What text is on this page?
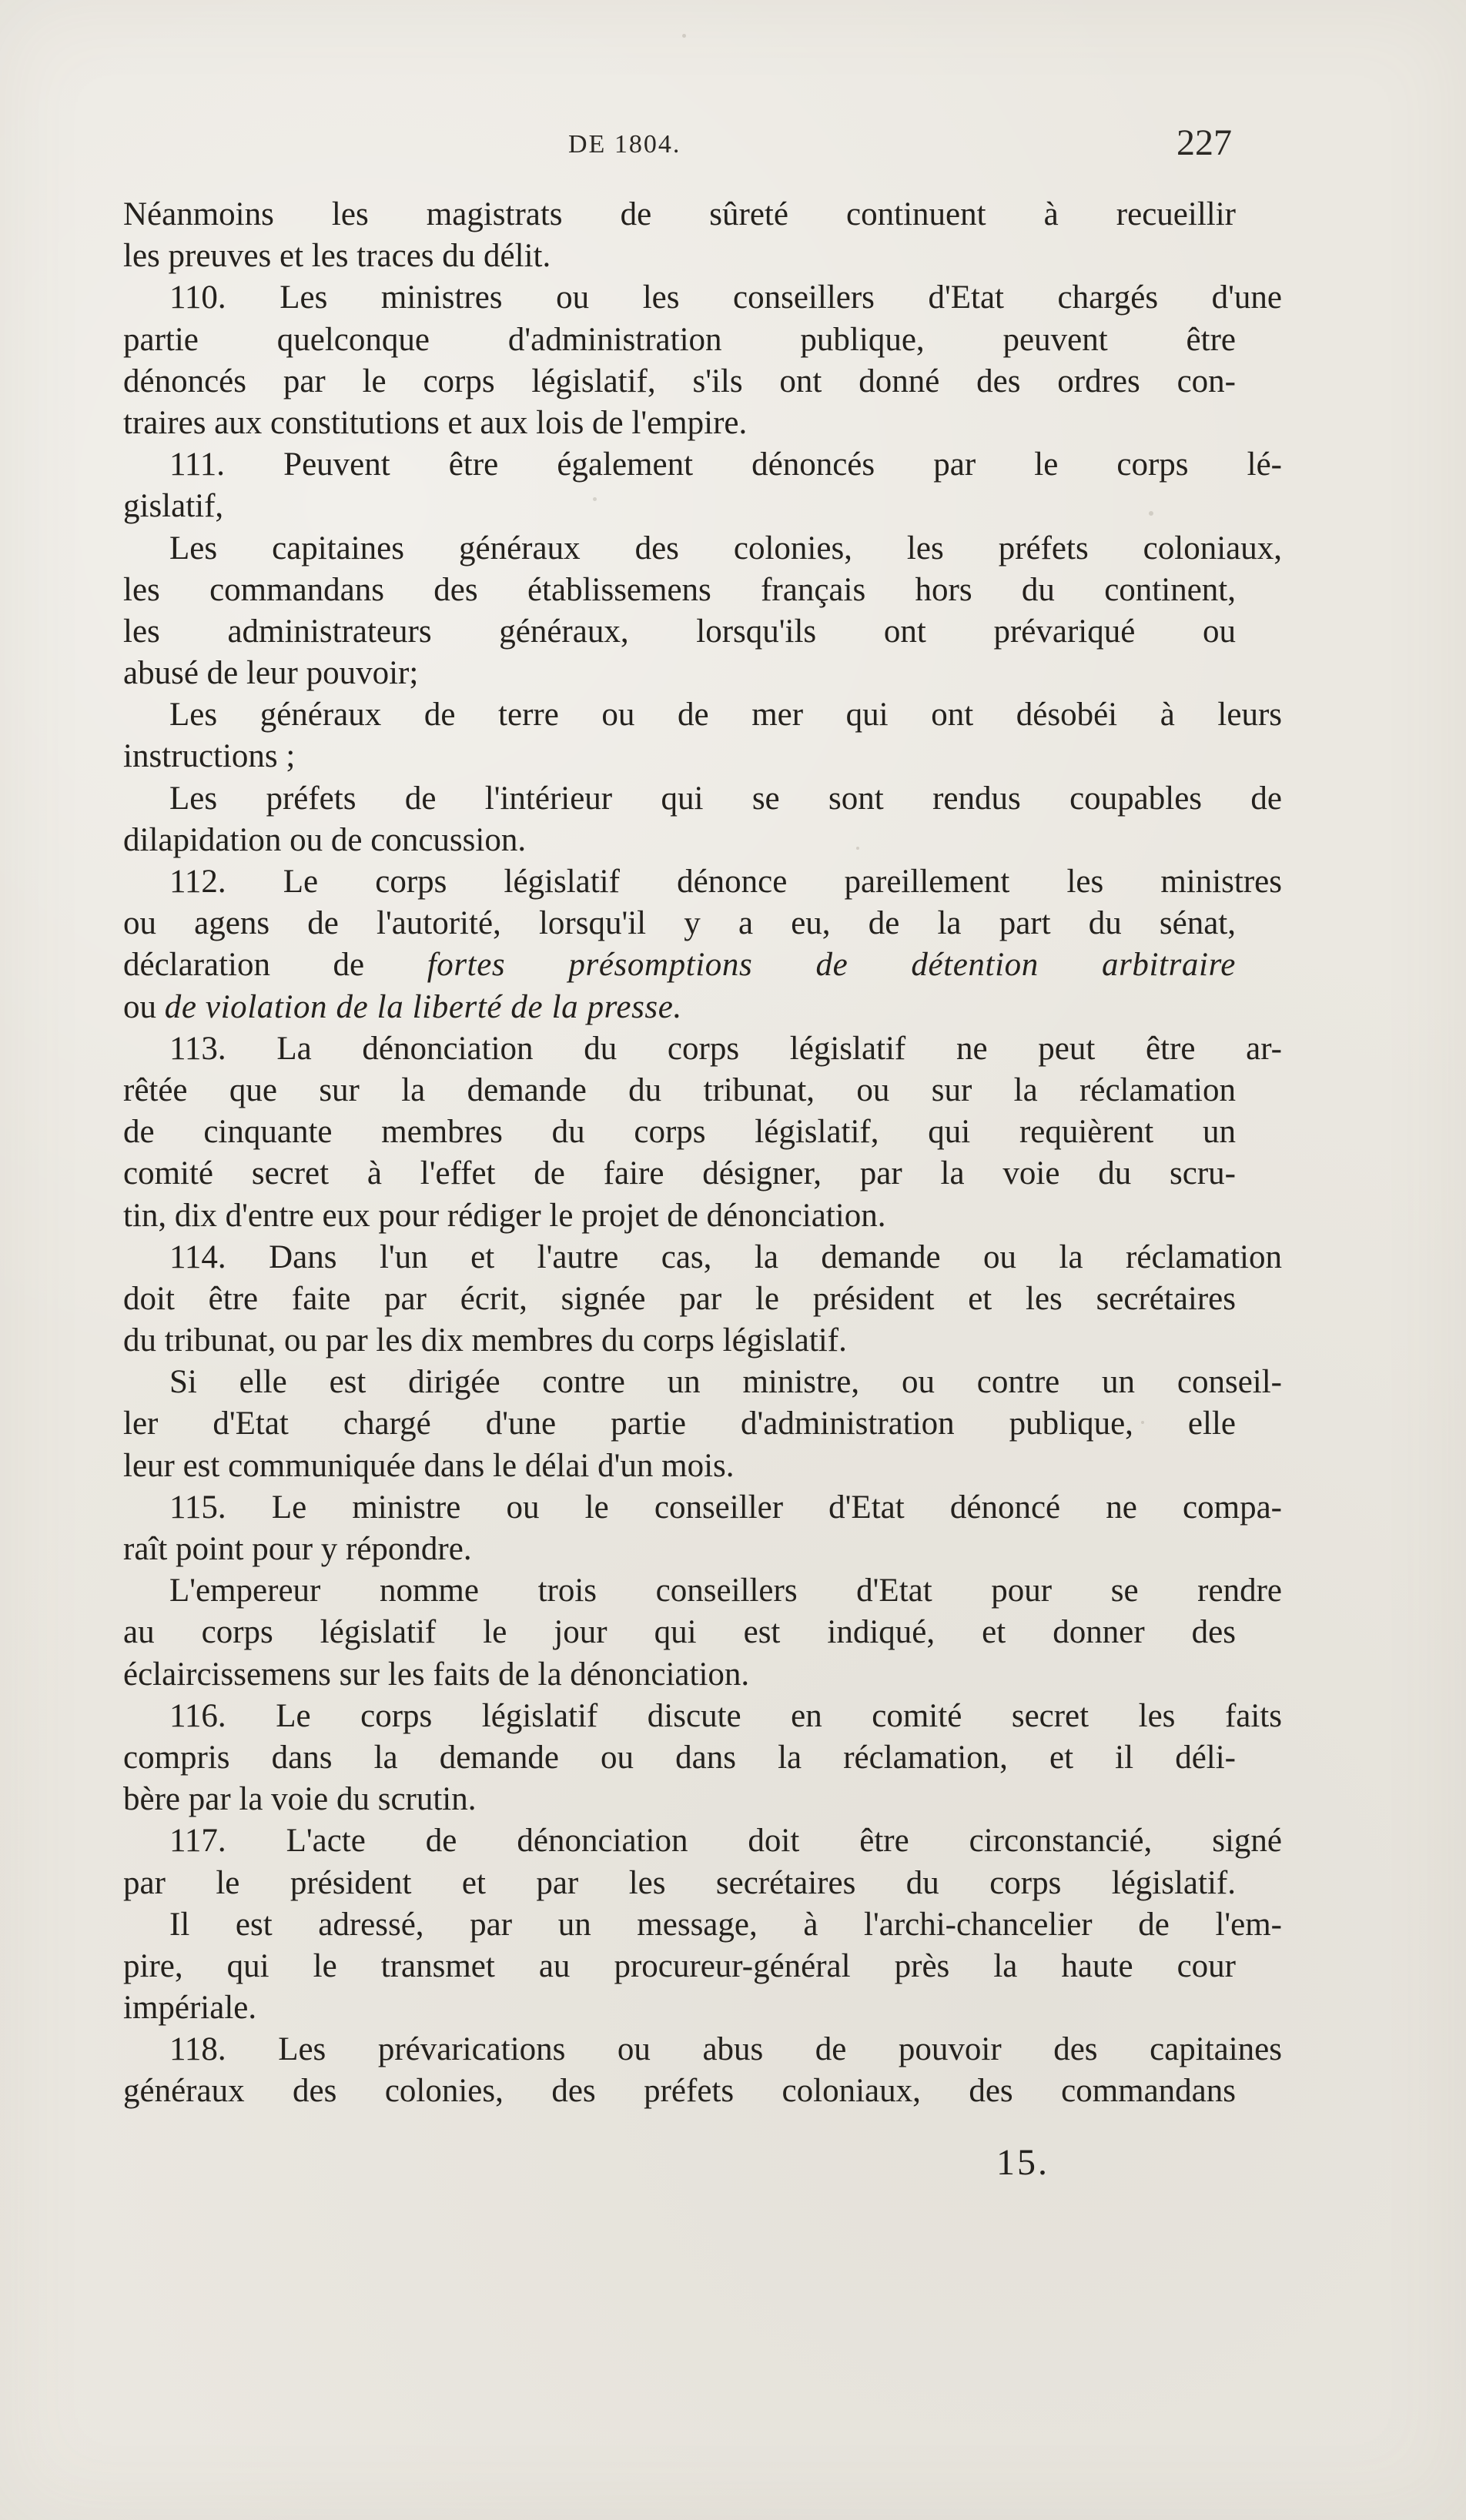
DE 1804.	227
Néanmoins les magistrats de sûreté continuent à recueillir
les preuves et les traces du délit.
110. Les ministres ou les conseillers d'Etat chargés d'une
partie quelconque d'administration publique, peuvent être
dénoncés par le corps législatif, s'ils ont donné des ordres con-
traires aux constitutions et aux lois de l'empire.
111. Peuvent être également dénoncés par le corps lé-
gislatif,
Les capitaines généraux des colonies, les préfets coloniaux,
les commandans des établissemens français hors du continent,
les administrateurs généraux, lorsqu'ils ont prévariqué ou
abusé de leur pouvoir;
Les généraux de terre ou de mer qui ont désobéi à leurs
instructions ;
Les préfets de l'intérieur qui se sont rendus coupables de
dilapidation ou de concussion.
112. Le corps législatif dénonce pareillement les ministres
ou agens de l'autorité, lorsqu'il y a eu, de la part du sénat,
déclaration de fortes présomptions de détention arbitraire
ou de violation de la liberté de la presse.
113. La dénonciation du corps législatif ne peut être ar-
rêtée que sur la demande du tribunat, ou sur la réclamation
de cinquante membres du corps législatif, qui requièrent un
comité secret à l'effet de faire désigner, par la voie du scru-
tin, dix d'entre eux pour rédiger le projet de dénonciation.
114. Dans l'un et l'autre cas, la demande ou la réclamation
doit être faite par écrit, signée par le président et les secrétaires
du tribunat, ou par les dix membres du corps législatif.
Si elle est dirigée contre un ministre, ou contre un conseil-
ler d'Etat chargé d'une partie d'administration publique, elle
leur est communiquée dans le délai d'un mois.
115. Le ministre ou le conseiller d'Etat dénoncé ne compa-
raît point pour y répondre.
L'empereur nomme trois conseillers d'Etat pour se rendre
au corps législatif le jour qui est indiqué, et donner des
éclaircissemens sur les faits de la dénonciation.
116. Le corps législatif discute en comité secret les faits
compris dans la demande ou dans la réclamation, et il déli-
bère par la voie du scrutin.
117. L'acte de dénonciation doit être circonstancié, signé
par le président et par les secrétaires du corps législatif.
Il est adressé, par un message, à l'archi-chancelier de l'em-
pire, qui le transmet au procureur-général près la haute cour
impériale.
118. Les prévarications ou abus de pouvoir des capitaines
généraux des colonies, des préfets coloniaux, des commandans
15.
